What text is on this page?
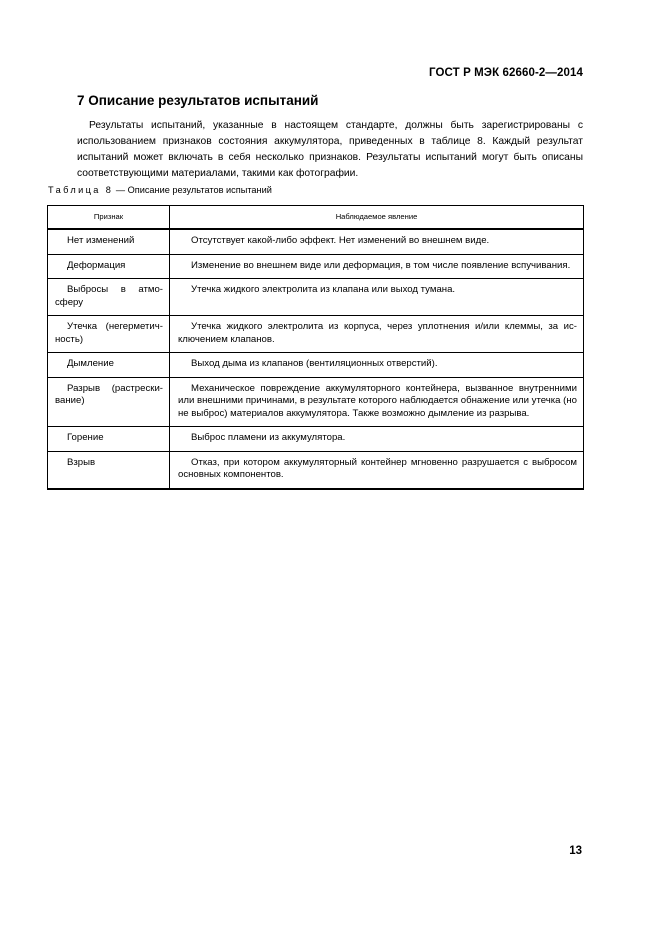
ГОСТ Р МЭК 62660-2—2014
7 Описание результатов испытаний

Результаты испытаний, указанные в настоящем стандарте, должны быть зарегистрированы с использованием признаков состояния аккумулятора, приведенных в таблице 8. Каждый результат испытаний может включать в себя несколько признаков. Результаты испытаний могут быть описаны соответствующими материалами, такими как фотографии.

Таблица 8 — Описание результатов испытаний
Признак	Наблюдаемое явление
Нет изменений	Отсутствует какой-либо эффект. Нет изменений во внешнем виде.
Деформация	Изменение во внешнем виде или деформация, в том числе появление вспучивания.
Выбросы в атмосферу	Утечка жидкого электролита из клапана или выход тумана.
Утечка (негерметичность)	Утечка жидкого электролита из корпуса, через уплотнения и/или клеммы, за исключением клапанов.
Дымление	Выход дыма из клапанов (вентиляционных отверстий).
Разрыв (растрескивание)	Механическое повреждение аккумуляторного контейнера, вызванное внутренними или внешними причинами, в результате которого наблюдается обнажение или утечка (но не выброс) материалов аккумулятора. Также возможно дымление из разрыва.
Горение	Выброс пламени из аккумулятора.
Взрыв	Отказ, при котором аккумуляторный контейнер мгновенно разрушается с выбросом основных компонентов.
13
